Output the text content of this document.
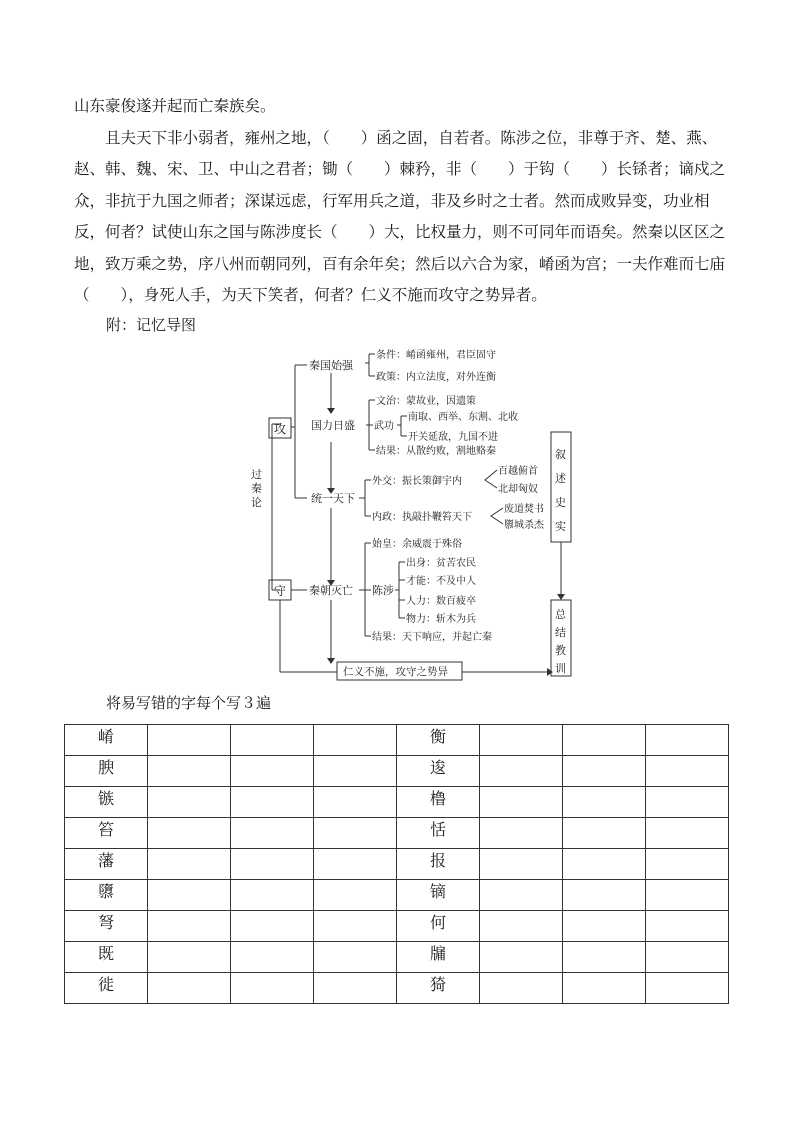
山东豪俊遂并起而亡秦族矣。

且夫天下非小弱者，雍州之地，（　　）函之固，自若者。陈涉之位，非尊于齐、楚、燕、赵、韩、魏、宋、卫、中山之君者；锄（　　）棘矜，非（　　）于钩（　　）长铩者；谪戍之众，非抗于九国之师者；深谋远虑，行军用兵之道，非及乡时之士者。然而成败异变，功业相反，何者？试使山东之国与陈涉度长（　　）大，比权量力，则不可同年而语矣。然秦以区区之地，致万乘之势，序八州而朝同列，百有余年矣；然后以六合为家，崤函为宫；一夫作难而七庙（　　），身死人手，为天下笑者，何者？仁义不施而攻守之势异者。

附：记忆导图
过
秦
论
攻
守
秦国始强
条件：崤函雍州，君臣固守
政策：内立法度，对外连衡
国力日盛
文治：蒙故业，因遗策
武功
南取、西举、东割、北收
开关延敌，九国不进
结果：从散约败，割地赂秦
统一天下
外交：振长策御宇内
百越俯首
北却匈奴
内政：执敲扑鞭笞天下
废道焚书
隳城杀杰
秦朝灭亡
始皇：余威震于殊俗
陈涉
出身：贫苦农民
才能：不及中人
人力：数百疲卒
物力：斩木为兵
结果：天下响应，并起亡秦
仁义不施，攻守之势异
叙
述
史
实
总
结
教
训
将易写错的字每个写３遍
崤				衡			
腴				逡			
镞				橹			
笞				恬			
藩				报			
隳				镝			
弩				何			
既				牖			
徙				猗			
